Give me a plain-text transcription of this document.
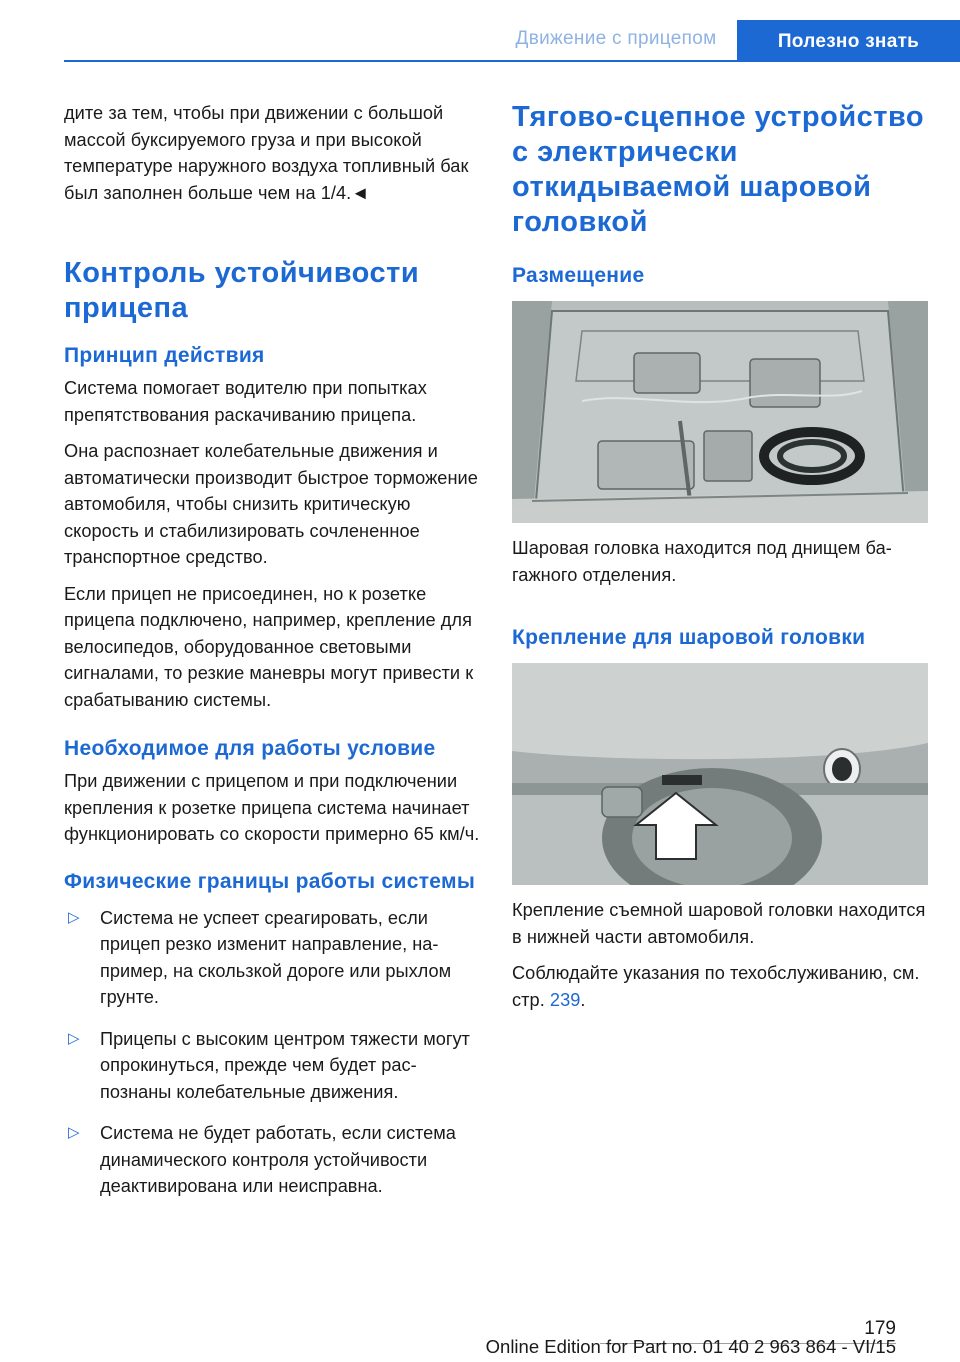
Движение с прицепом	Полезно знать

дите за тем, чтобы при движении с большой массой буксируемого груза и при высокой температуре наружного воздуха топливный бак был заполнен больше чем на 1/4.◄

Контроль устойчивости прицепа
Принцип действия

Система помогает водителю при попытках препятствования раскачиванию прицепа.

Она распознает колебательные движения и автоматически производит быстрое торможение автомобиля, чтобы снизить критическую скорость и стабилизировать сочлененное транспортное средство.

Если прицеп не присоединен, но к розетке прицепа подключено, например, крепление для велосипедов, оборудованное световыми сигналами, то резкие маневры могут привести к срабатыванию системы.

Необходимое для работы условие

При движении с прицепом и при подключении крепления к розетке прицепа система начинает функционировать со скорости примерно 65 км/ч.

Физические границы работы системы
▷ Система не успеет среагировать, если прицеп резко изменит направление, например, на скользкой дороге или рыхлом грунте.
▷ Прицепы с высоким центром тяжести могут опрокинуться, прежде чем будет распознаны колебательные движения.
▷ Система не будет работать, если система динамического контроля устойчивости деактивирована или неисправна.
Тягово-сцепное устройство с электрически откидываемой шаровой головкой
Размещение

Шаровая головка находится под днищем багажного отделения.

Крепление для шаровой головки

Крепление съемной шаровой головки находится в нижней части автомобиля.

Соблюдайте указания по техобслуживанию, см. стр. 239.

179
Online Edition for Part no. 01 40 2 963 864 - VI/15
